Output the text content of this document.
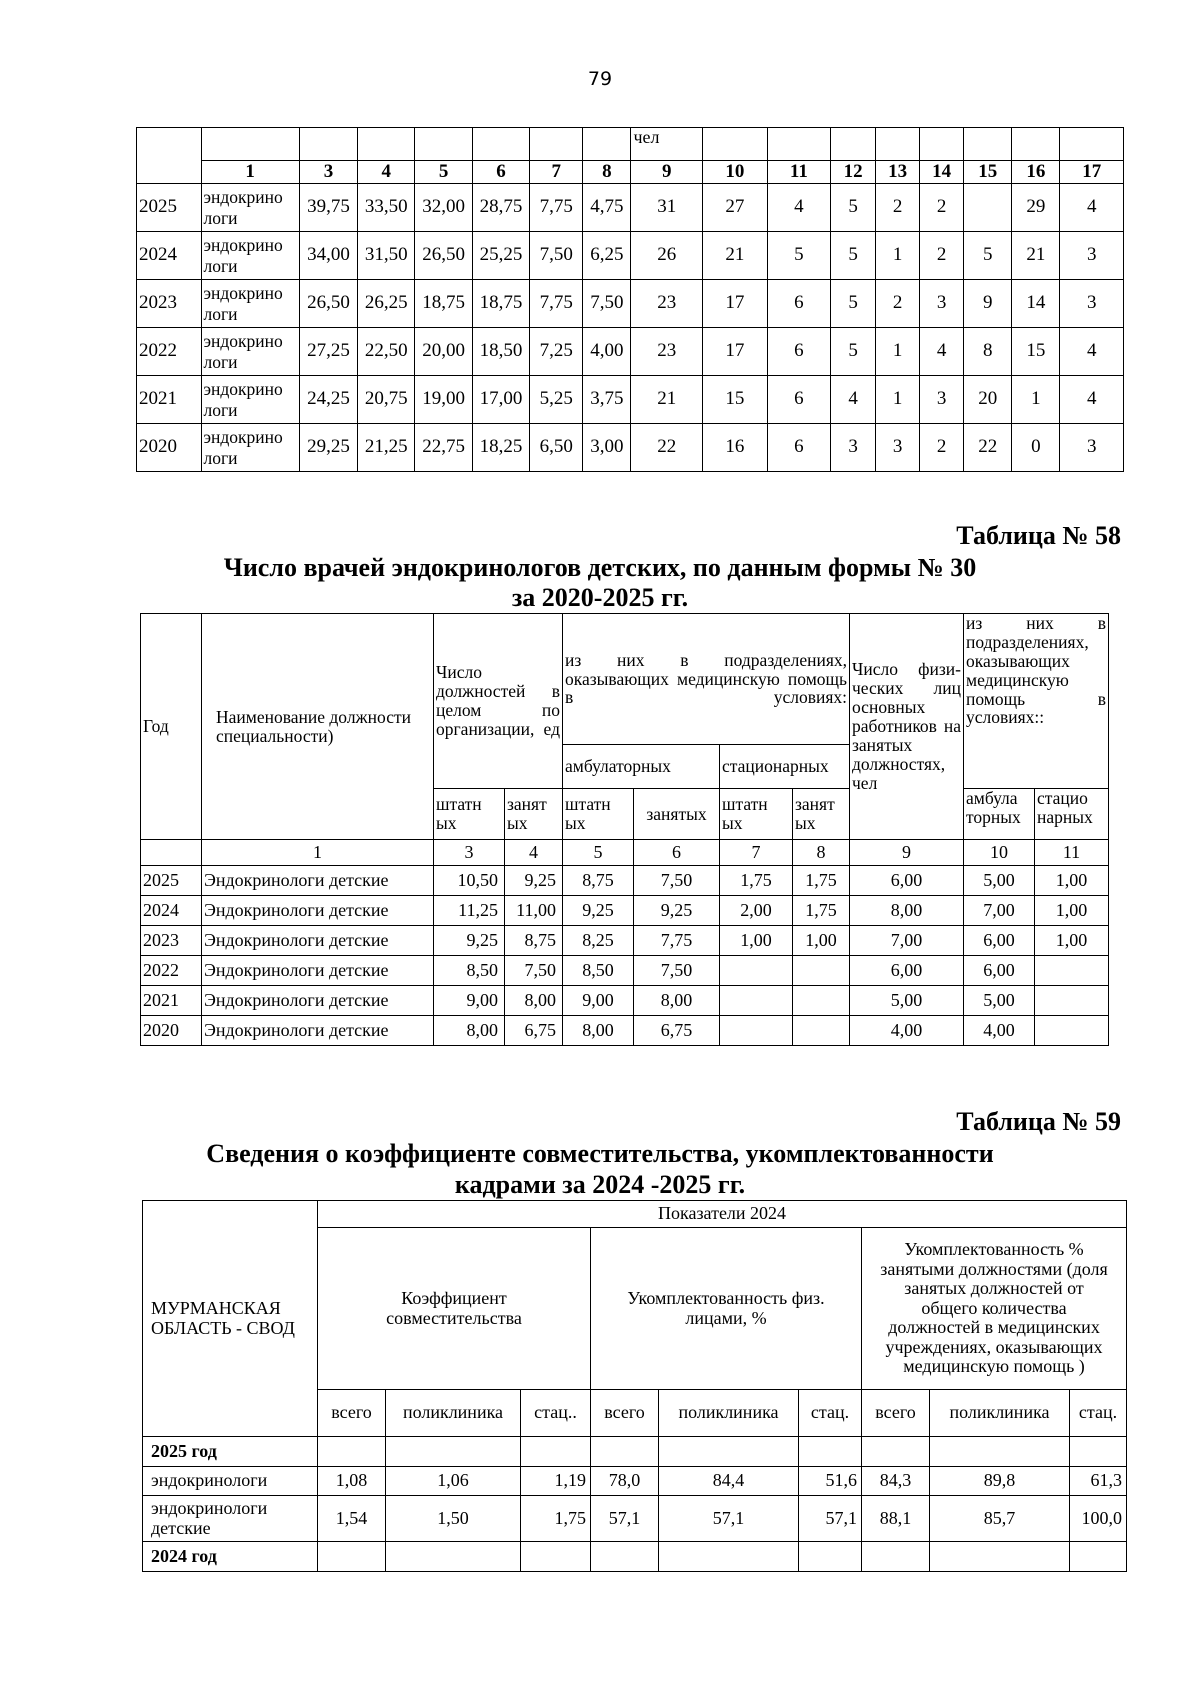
79
								чел								
	1	3	4	5	6	7	8	9	10	11	12	13	14	15	16	17
2025	эндокрино логи	39,75	33,50	32,00	28,75	7,75	4,75	31	27	4	5	2	2		29	4
2024	эндокрино логи	34,00	31,50	26,50	25,25	7,50	6,25	26	21	5	5	1	2	5	21	3
2023	эндокрино логи	26,50	26,25	18,75	18,75	7,75	7,50	23	17	6	5	2	3	9	14	3
2022	эндокрино логи	27,25	22,50	20,00	18,50	7,25	4,00	23	17	6	5	1	4	8	15	4
2021	эндокрино логи	24,25	20,75	19,00	17,00	5,25	3,75	21	15	6	4	1	3	20	1	4
2020	эндокрино логи	29,25	21,25	22,75	18,25	6,50	3,00	22	16	6	3	3	2	22	0	3
Таблица № 58
Число врачей эндокринологов детских, по данным формы № 30
за 2020-2025 гг.
Год	Наименование должности специальности)	Число должностей в целом по организации, ед		из них в подразделениях, оказывающих медицинскую помощь в условиях:				Число физи-ческих лиц основных работников на занятых должностях, чел	из них в подразделениях, оказывающих медицинскую помощь в условиях::	
				амбулаторных		стационарных				
		штатн ых	занят ых	штатн ых	занятых	штатн ых	занят ых		амбула торных	стацио нарных
	1	3	4	5	6	7	8	9	10	11
2025	Эндокринологи детские	10,50	9,25	8,75	7,50	1,75	1,75	6,00	5,00	1,00
2024	Эндокринологи детские	11,25	11,00	9,25	9,25	2,00	1,75	8,00	7,00	1,00
2023	Эндокринологи детские	9,25	8,75	8,25	7,75	1,00	1,00	7,00	6,00	1,00
2022	Эндокринологи детские	8,50	7,50	8,50	7,50			6,00	6,00	
2021	Эндокринологи детские	9,00	8,00	9,00	8,00			5,00	5,00	
2020	Эндокринологи детские	8,00	6,75	8,00	6,75			4,00	4,00	
Таблица № 59
Сведения о коэффициенте совместительства, укомплектованности
кадрами за 2024 -2025 гг.
МУРМАНСКАЯ ОБЛАСТЬ - СВОД	Показатели 2024								
	Коэффициент совместительства			Укомплектованность физ. лицами, %			Укомплектованность % занятыми должностями (доля занятых должностей от общего количества должностей в медицинских учреждениях, оказывающих медицинскую помощь )		
	всего	поликлиника	стац..	всего	поликлиника	стац.	всего	поликлиника	стац.
2025 год									
эндокринологи	1,08	1,06	1,19	78,0	84,4	51,6	84,3	89,8	61,3
эндокринологи детские	1,54	1,50	1,75	57,1	57,1	57,1	88,1	85,7	100,0
2024 год									
